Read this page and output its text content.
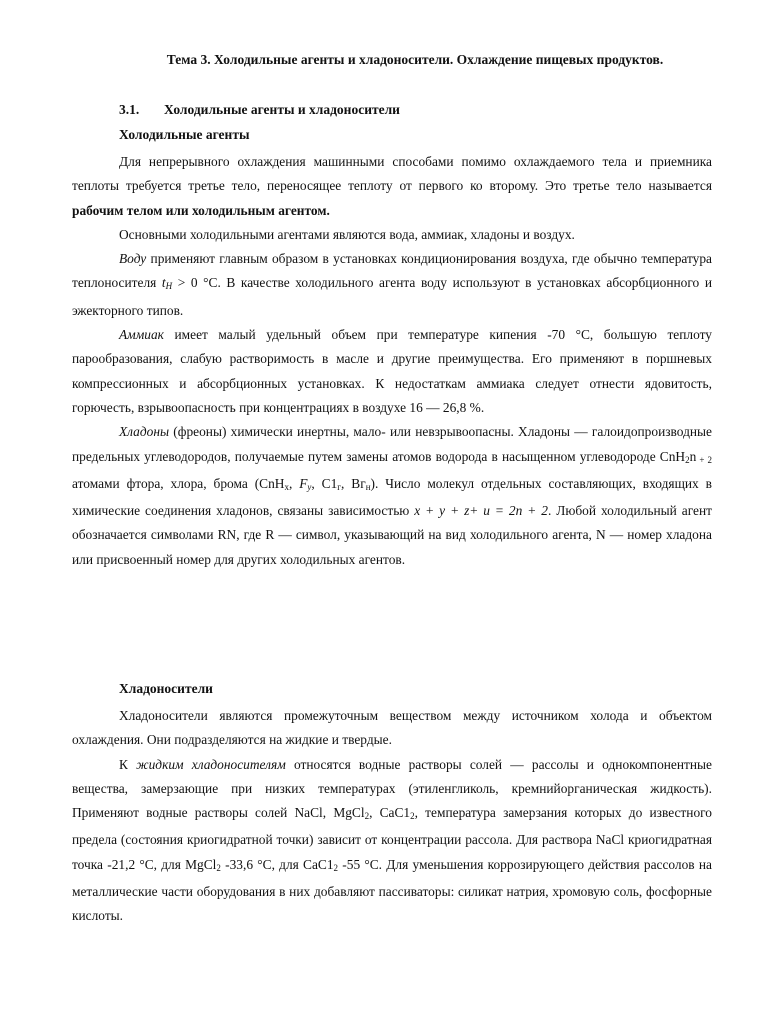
Тема 3. Холодильные агенты и хладоносители. Охлаждение пищевых продуктов.
3.1. Холодильные агенты и хладоносители
Холодильные агенты

Для непрерывного охлаждения машинными способами помимо охлаждаемого тела и приемника теплоты требуется третье тело, переносящее теплоту от первого ко второму. Это третье тело называется рабочим телом или холодильным агентом.

Основными холодильными агентами являются вода, аммиак, хладоны и воздух.

Воду применяют главным образом в установках кондиционирования воздуха, где обычно температура теплоносителя $t_Н > 0$ °С. В качестве холодильного агента воду используют в установках абсорбционного и эжекторного типов.

Аммиак имеет малый удельный объем при температуре кипения -70 °С, большую теплоту парообразования, слабую растворимость в масле и другие преимущества. Его применяют в поршневых компрессионных и абсорбционных установках. К недостаткам аммиака следует отнести ядовитость, горючесть, взрывоопасность при концентрациях в воздухе 16 — 26,8 %.

Хладоны (фреоны) химически инертны, мало- или невзрывоопасны. Хладоны — галоидопроизводные предельных углеводородов, получаемые путем замены атомов водорода в насыщенном углеводороде СnH$_2$n $_{+ 2}$ атомами фтора, хлора, брома (СnН$_х$, $F_y$, $С1_г$, $Вг_н$). Число молекул отдельных составляющих, входящих в химические соединения хладонов, связаны зависимостью х + у + z+ и = 2n + 2. Любой холодильный агент обозначается символами RN, где R — символ, указывающий на вид холодильного агента, N — номер хладона или присвоенный номер для других холодильных агентов.

Хладоносители

Хладоносители являются промежуточным веществом между источником холода и объектом охлаждения. Они подразделяются на жидкие и твердые.

К жидким хладоносителям относятся водные растворы солей — рассолы и однокомпонентные вещества, замерзающие при низких температурах (этиленгликоль, кремнийорганическая жидкость). Применяют водные растворы солей NaCl, MgCl$_2$, $СаС1_2$, температура замерзания которых до известного предела (состояния криогидратной точки) зависит от концентрации рассола. Для раствора NaCl криогидратная точка -21,2 °С, для MgCl$_2$ -33,6 °С, для $СаС1_2$ -55 °С. Для уменьшения коррозирующего действия рассолов на металлические части оборудования в них добавляют пассиваторы: силикат натрия, хромовую соль, фосфорные кислоты.
